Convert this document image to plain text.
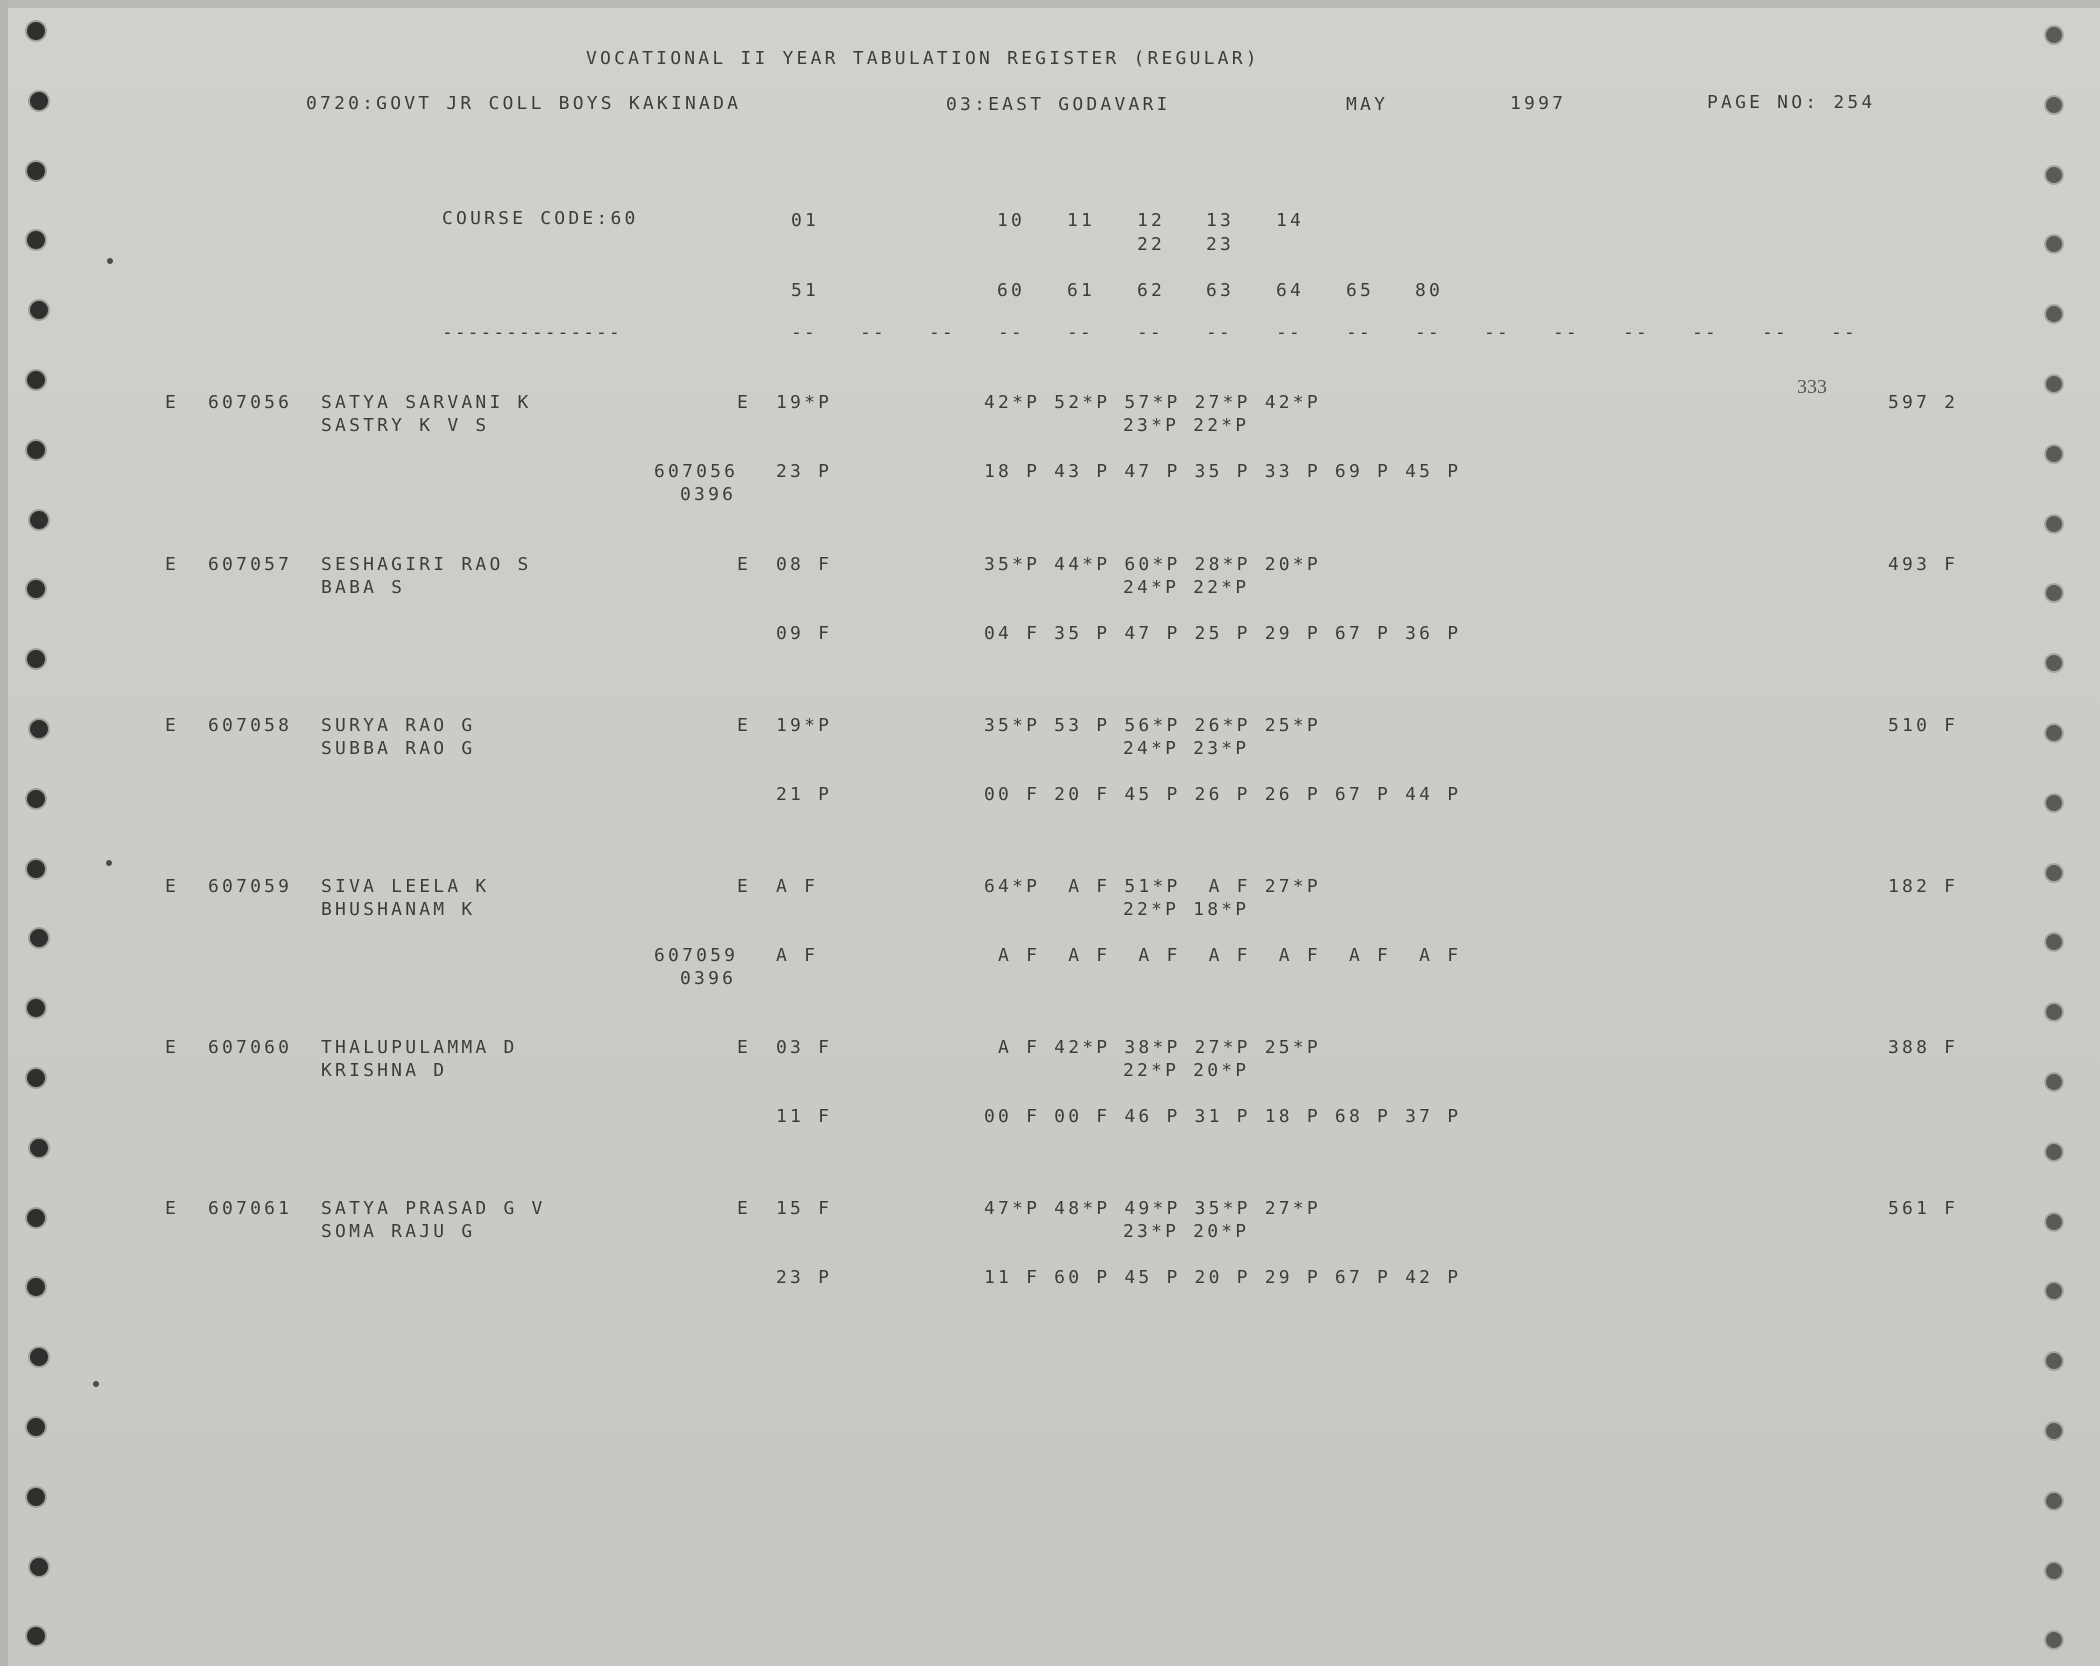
VOCATIONAL II YEAR TABULATION REGISTER (REGULAR)
0720:GOVT JR COLL BOYS KAKINADA	03:EAST GODAVARI	MAY	1997	PAGE NO: 254
COURSE CODE:60	01	10 11 12 13 14
22 23
51	60 61 62 63 64 65 80
--------------	-- -- -- -- -- -- -- -- -- -- -- -- -- -- -- --
E 607056 SATYA SARVANI K
SASTRY K V S
E 19*P	42*P 52*P 57*P 27*P 42*P
23*P 22*P
607056
0396
23 P	18 P 43 P 47 P 35 P 33 P 69 P 45 P
597 2
333
E 607057 SESHAGIRI RAO S
BABA S
E 08 F	35*P 44*P 60*P 28*P 20*P
24*P 22*P
09 F	04 F 35 P 47 P 25 P 29 P 67 P 36 P
493 F
E 607058 SURYA RAO G
SUBBA RAO G
E 19*P	35*P 53 P 56*P 26*P 25*P
24*P 23*P
21 P	00 F 20 F 45 P 26 P 26 P 67 P 44 P
510 F
E 607059 SIVA LEELA K
BHUSHANAM K
E A F	64*P  A F 51*P  A F 27*P
22*P 18*P
607059
0396
A F	A F  A F  A F  A F  A F  A F  A F
182 F
E 607060 THALUPULAMMA D
KRISHNA D
E 03 F	A F 42*P 38*P 27*P 25*P
22*P 20*P
11 F	00 F 00 F 46 P 31 P 18 P 68 P 37 P
388 F
E 607061 SATYA PRASAD G V
SOMA RAJU G
E 15 F	47*P 48*P 49*P 35*P 27*P
23*P 20*P
23 P	11 F 60 P 45 P 20 P 29 P 67 P 42 P
561 F
